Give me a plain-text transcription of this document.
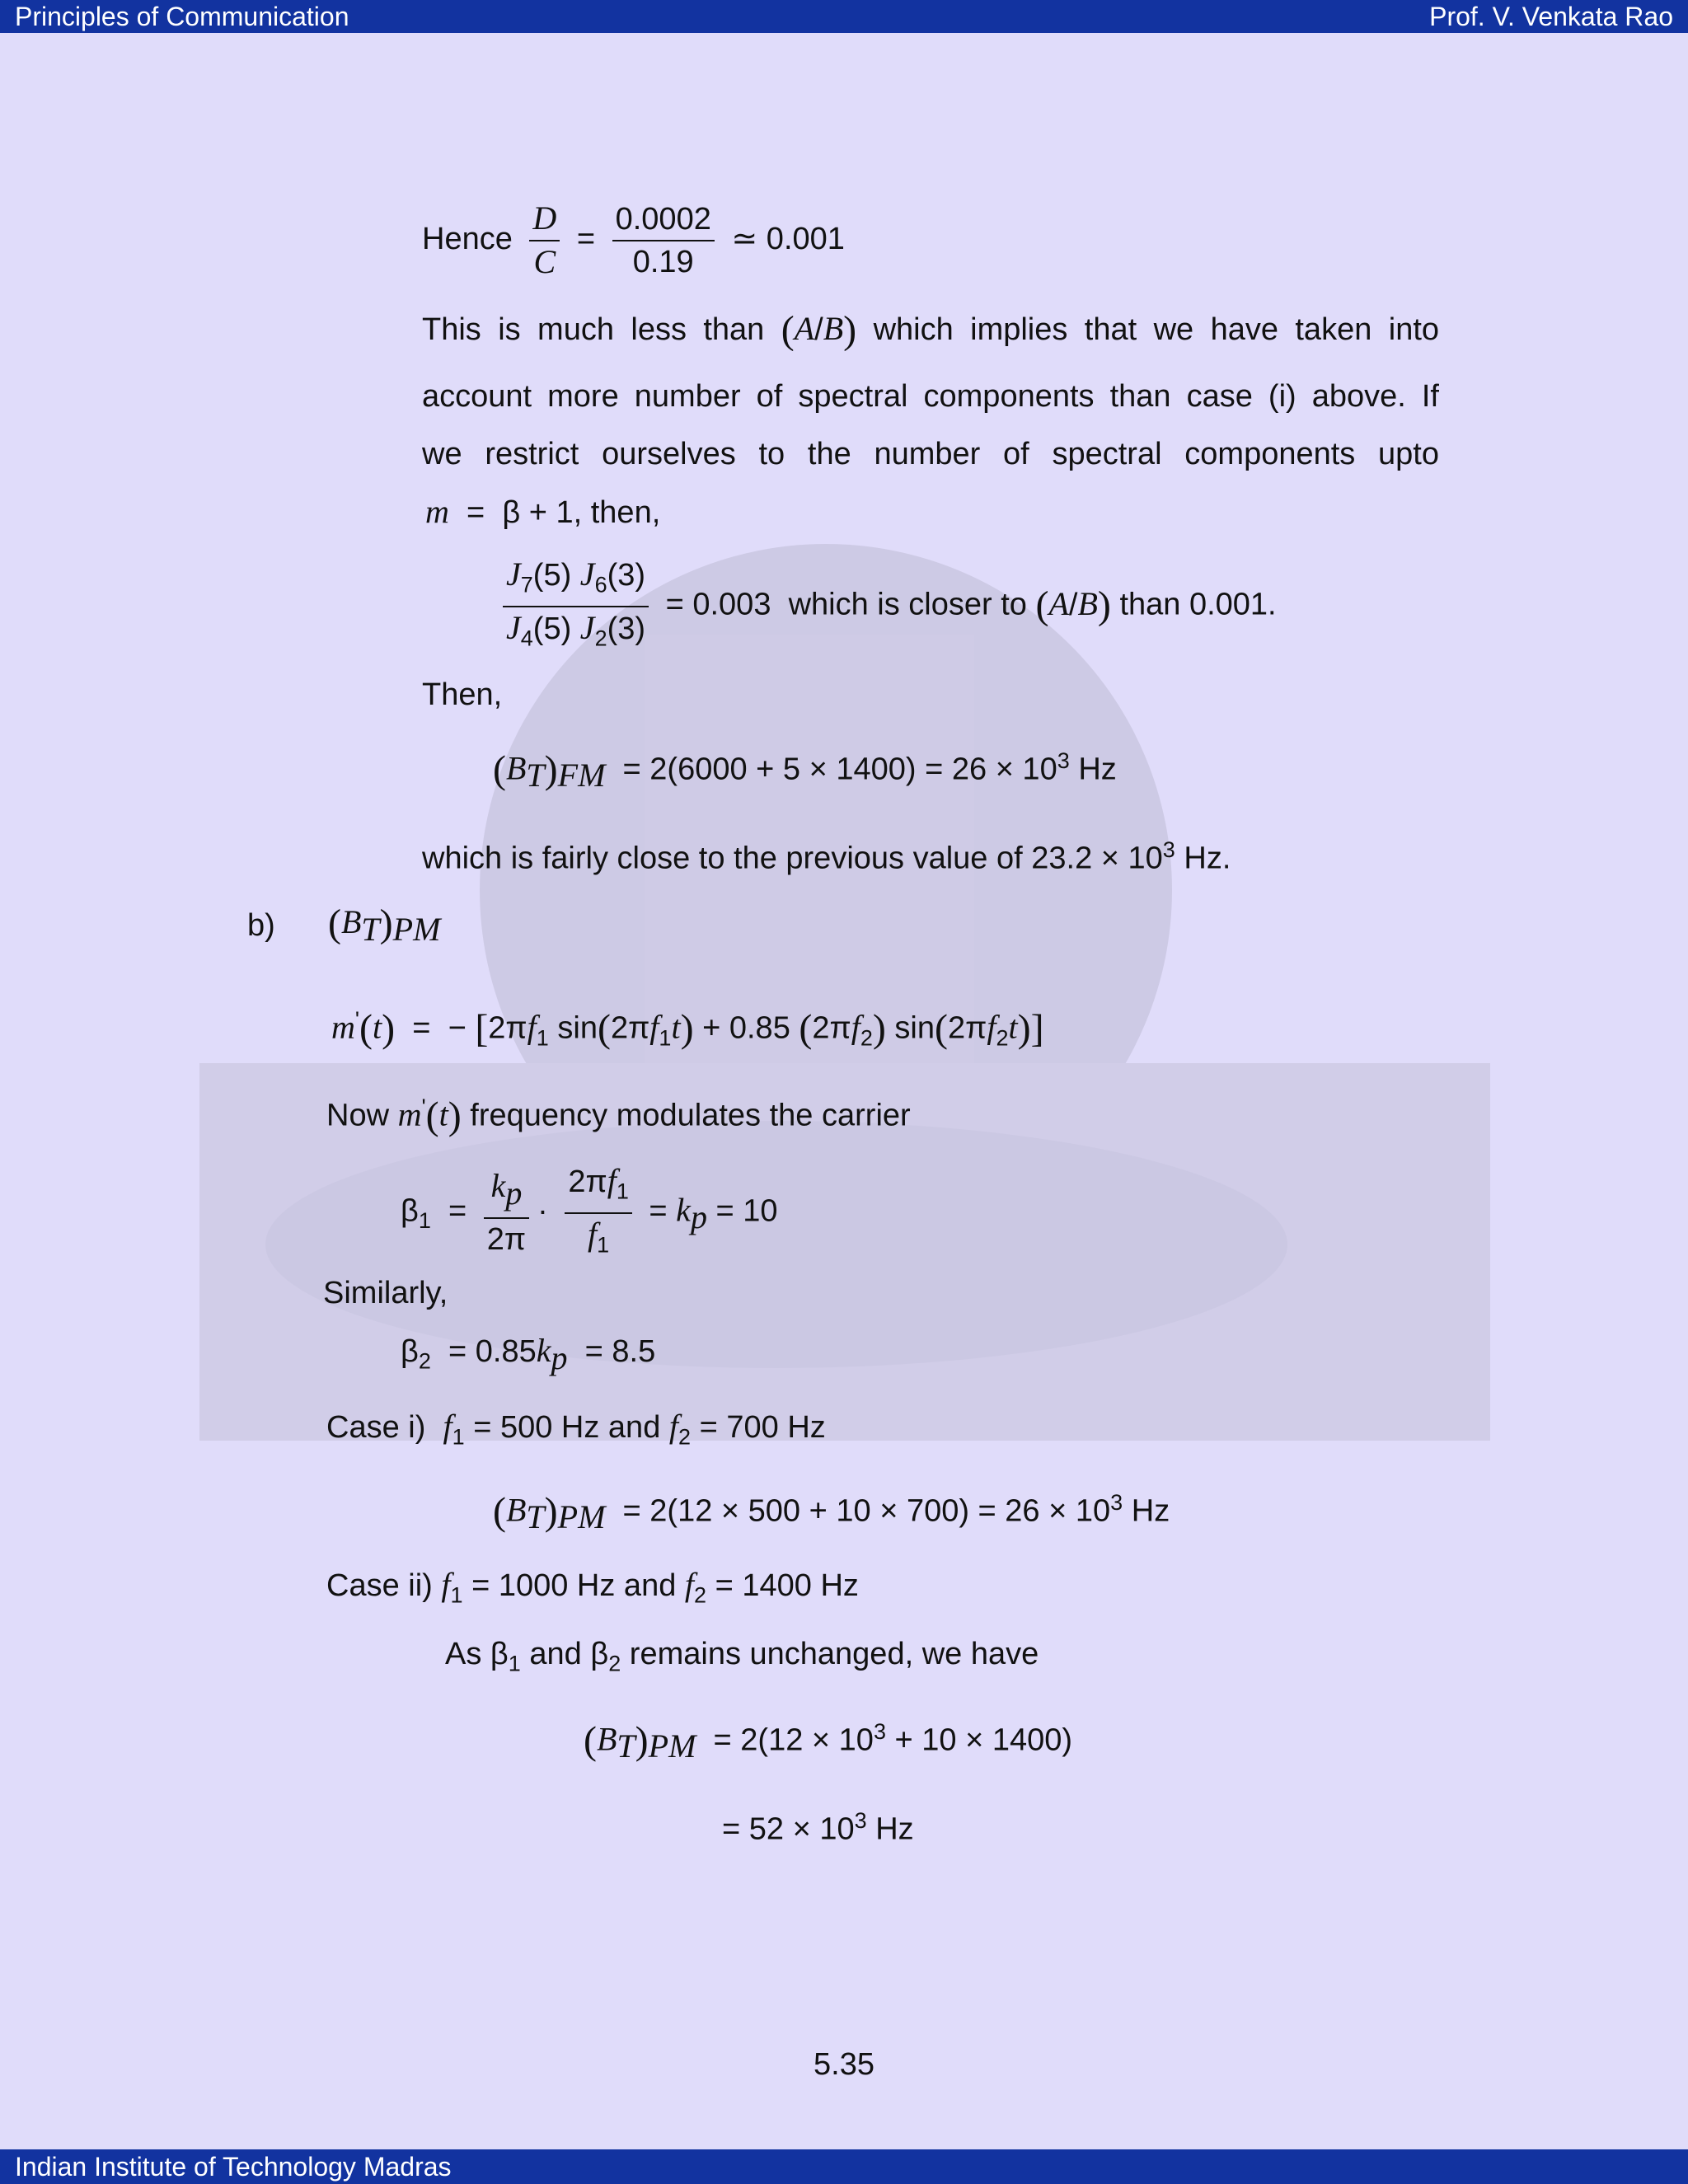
Principles of Communication	Prof. V. Venkata Rao
Hence $\frac{D}{C} = \frac{0.0002}{0.19}$ ≃ 0.001
This is much less than (A/B) which implies that we have taken into
account more number of spectral components than case (i) above. If
we restrict ourselves to the number of spectral components upto
m  =  β + 1, then,
$\frac{J_7(5) J_6(3)}{J_4(5) J_2(3)} = 0.003$ which is closer to (A/B) than 0.001.
Then,
$(B_T)_{FM} = 2(6000 + 5 \times 1400) = 26 \times 10^3$ Hz
which is fairly close to the previous value of $23.2 \times 10^3$ Hz.
b) $(B_T)_{PM}$
m'(t)  =  − [$2\pi f_1$ $\sin(2\pi f_1t) + 0.85$ $(2\pi f_2)$ $\sin(2\pi f_2t)$]
Now m'(t) frequency modulates the carrier
$\beta_1 = \frac{k_p}{2\pi} \cdot \frac{2\pi f_1}{f_1} = k_p = 10$
Similarly,
$\beta_2 = 0.85k_p = 8.5$
Case i) $f_1 = 500$ Hz and $f_2 = 700$ Hz
$(B_T)_{PM} = 2(12 \times 500 + 10 \times 700) = 26 \times 10^3$ Hz
Case ii) $f_1 = 1000$ Hz and $f_2 = 1400$ Hz
As $\beta_1$ and $\beta_2$ remains unchanged, we have
$(B_T)_{PM} = 2(12 \times 10^3 + 10 \times 1400)$
= $52 \times 10^3$ Hz
5.35
Indian Institute of Technology Madras
